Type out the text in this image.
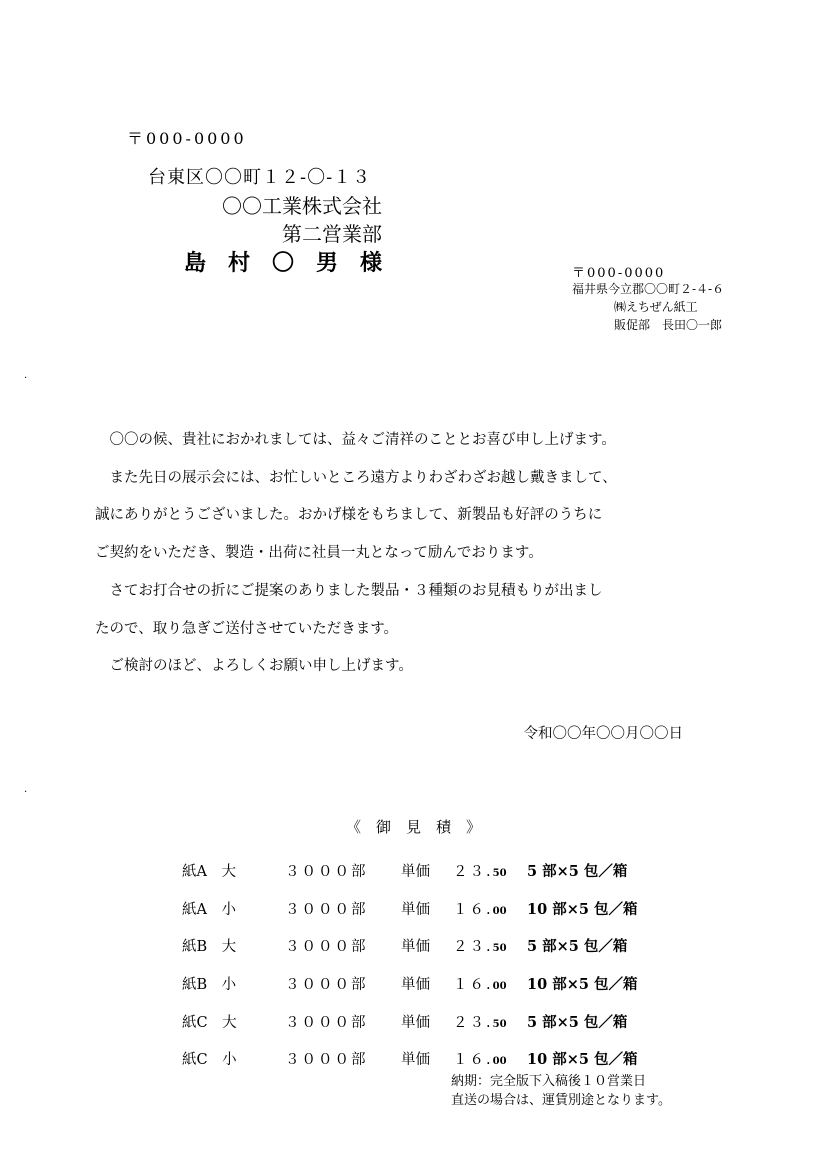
〒000-0000
台東区〇〇町１２-〇-１３
〇〇工業株式会社
第二営業部
島　村　〇　男　様	〒000-0000
福井県今立郡〇〇町２-４-６
㈱えちぜん紙工
販促部　長田〇一郎
.
.
　〇〇の候、貴社におかれましては、益々ご清祥のこととお喜び申し上げます。
　また先日の展示会には、お忙しいところ遠方よりわざわざお越し戴きまして、
誠にありがとうございました。おかげ様をもちまして、新製品も好評のうちに
ご契約をいただき、製造・出荷に社員一丸となって励んでおります。
　さてお打合せの折にご提案のありました製品・３種類のお見積もりが出まし
たので、取り急ぎご送付させていただきます。
　ご検討のほど、よろしくお願い申し上げます。
令和〇〇年〇〇月〇〇日
《　御　見　積　》
紙A　大	３０００部	単価	２３.50	5 部×5 包／箱
紙A　小	３０００部	単価	１６.00	10 部×5 包／箱
紙B　大	３０００部	単価	２３.50	5 部×5 包／箱
紙B　小	３０００部	単価	１６.00	10 部×5 包／箱
紙C　大	３０００部	単価	２３.50	5 部×5 包／箱
紙C　小	３０００部	単価	１６.00	10 部×5 包／箱
納期：完全版下入稿後１０営業日
直送の場合は、運賃別途となります。
